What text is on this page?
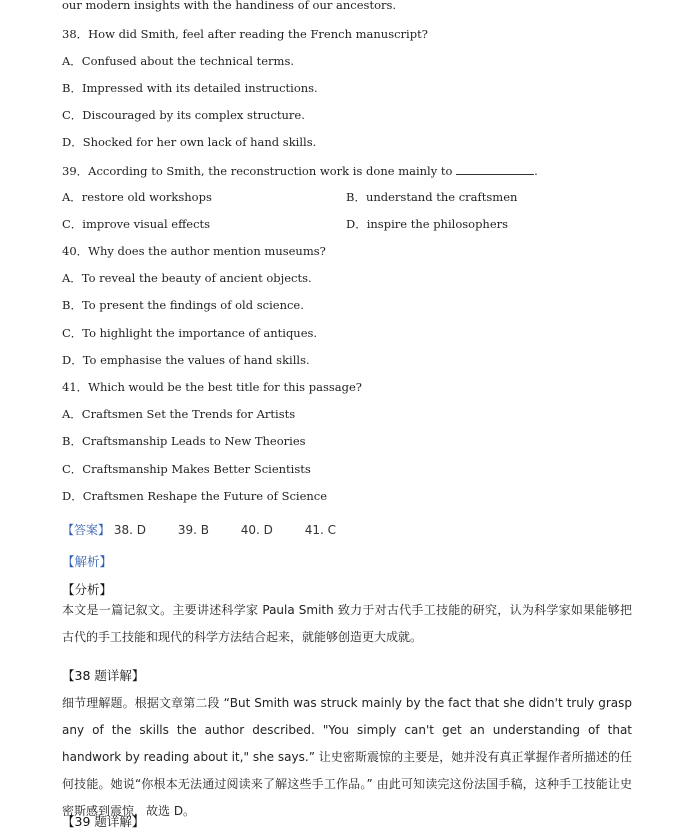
our modern insights with the handiness of our ancestors.
38．How did Smith, feel after reading the French manuscript?
A．Confused about the technical terms.
B．Impressed with its detailed instructions.
C．Discouraged by its complex structure.
D．Shocked for her own lack of hand skills.
39．According to Smith, the reconstruction work is done mainly to	.
A．restore old workshops	B．understand the craftsmen
C．improve visual effects	D．inspire the philosophers
40．Why does the author mention museums?
A．To reveal the beauty of ancient objects.
B．To present the findings of old science.
C．To highlight the importance of antiques.
D．To emphasise the values of hand skills.
41．Which would be the best title for this passage?
A．Craftsmen Set the Trends for Artists
B．Craftsmanship Leads to New Theories
C．Craftsmanship Makes Better Scientists
D．Craftsmen Reshape the Future of Science
【答案】 38. D	39. B	40. D	41. C
【解析】
【分析】
本文是一篇记叙文。主要讲述科学家 Paula Smith 致力于对古代手工技能的研究，认为科学家如果能够把古代的手工技能和现代的科学方法结合起来，就能够创造更大成就。
【38 题详解】
细节理解题。根据文章第二段 “But Smith was struck mainly by the fact that she didn't truly grasp any of the skills the author described. "You simply can't get an understanding of that handwork by reading about it," she says.” 让史密斯震惊的主要是，她并没有真正掌握作者所描述的任何技能。她说“你根本无法通过阅读来了解这些手工作品。” 由此可知读完这份法国手稿，这种手工技能让史密斯感到震惊，故选 D。
【39 题详解】
